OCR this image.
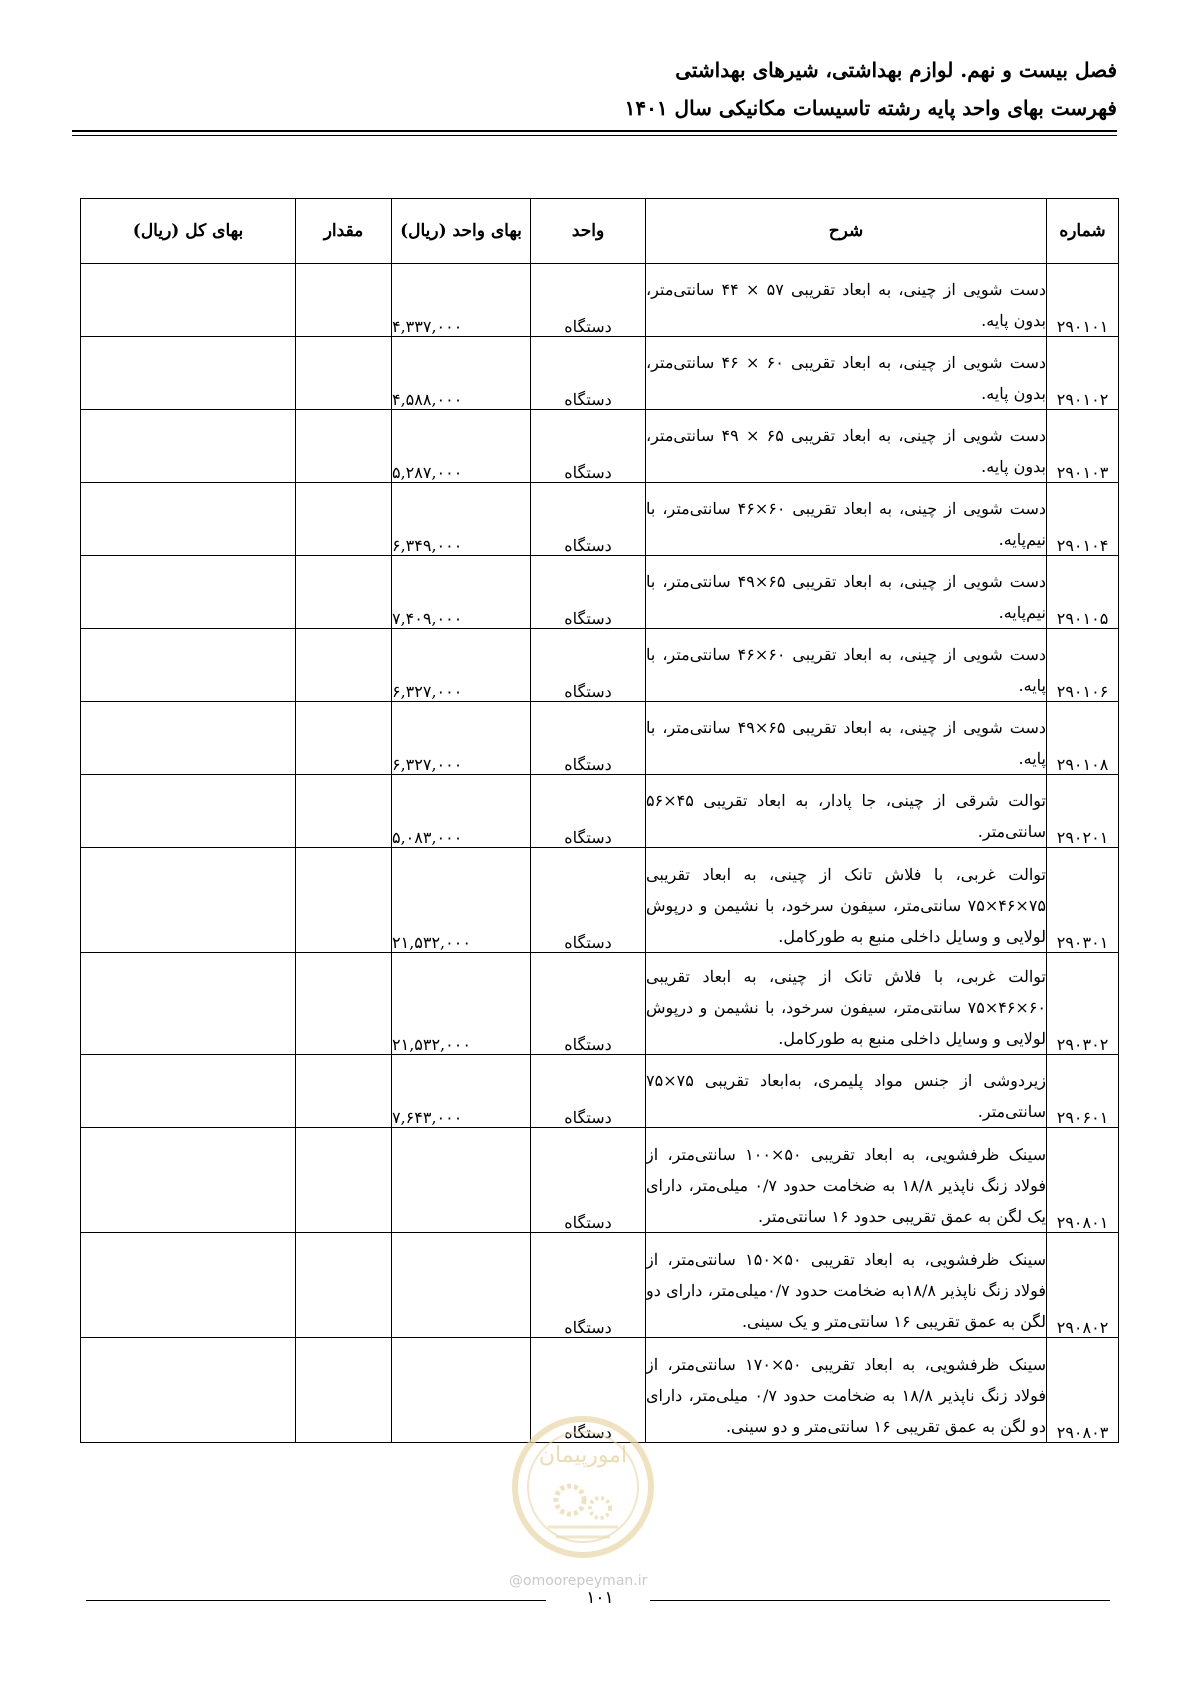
فصل بیست و نهم. لوازم بهداشتی، شیرهای بهداشتی
فهرست بهای واحد پایه رشته تاسیسات مکانیکی سال ۱۴۰۱
شماره	شرح	واحد	بهای واحد (ریال)	مقدار	بهای کل (ریال)
۲۹۰۱۰۱	دست شویی از چینی، به ابعاد تقریبی ۵۷ × ۴۴ سانتی‌متر، بدون پایه.	دستگاه	۴,۳۳۷,۰۰۰		
۲۹۰۱۰۲	دست شویی از چینی، به ابعاد تقریبی ۶۰ × ۴۶ سانتی‌متر، بدون پایه.	دستگاه	۴,۵۸۸,۰۰۰		
۲۹۰۱۰۳	دست شویی از چینی، به ابعاد تقریبی ۶۵ × ۴۹ سانتی‌متر، بدون پایه.	دستگاه	۵,۲۸۷,۰۰۰		
۲۹۰۱۰۴	دست شویی از چینی، به ابعاد تقریبی ۶۰×۴۶ سانتی‌متر، با نیم‌پایه.	دستگاه	۶,۳۴۹,۰۰۰		
۲۹۰۱۰۵	دست شویی از چینی، به ابعاد تقریبی ۶۵×۴۹ سانتی‌متر، با نیم‌پایه.	دستگاه	۷,۴۰۹,۰۰۰		
۲۹۰۱۰۶	دست شویی از چینی، به ابعاد تقریبی ۶۰×۴۶ سانتی‌متر، با پایه.	دستگاه	۶,۳۲۷,۰۰۰		
۲۹۰۱۰۸	دست شویی از چینی، به ابعاد تقریبی ۶۵×۴۹ سانتی‌متر، با پایه.	دستگاه	۶,۳۲۷,۰۰۰		
۲۹۰۲۰۱	توالت شرقی از چینی، جا پادار، به ابعاد تقریبی ۴۵×۵۶ سانتی‌متر.	دستگاه	۵,۰۸۳,۰۰۰		
۲۹۰۳۰۱	توالت غربی، با فلاش تانک از چینی، به ابعاد تقریبی ۷۵×۴۶×۷۵ سانتی‌متر، سیفون سرخود، با نشیمن و درپوش لولایی و وسایل داخلی منبع به طورکامل.	دستگاه	۲۱,۵۳۲,۰۰۰		
۲۹۰۳۰۲	توالت غربی، با فلاش تانک از چینی، به ابعاد تقریبی ۶۰×۴۶×۷۵ سانتی‌متر، سیفون سرخود، با نشیمن و درپوش لولایی و وسایل داخلی منبع به طورکامل.	دستگاه	۲۱,۵۳۲,۰۰۰		
۲۹۰۶۰۱	زیردوشی از جنس مواد پلیمری، به‌ابعاد تقریبی ۷۵×۷۵ سانتی‌متر.	دستگاه	۷,۶۴۳,۰۰۰		
۲۹۰۸۰۱	سینک ظرفشویی، به ابعاد تقریبی ۵۰×۱۰۰ سانتی‌متر، از فولاد زنگ ناپذیر ۱۸/۸ به ضخامت حدود ۰/۷ میلی‌متر، دارای یک لگن به عمق تقریبی حدود ۱۶ سانتی‌متر.	دستگاه			
۲۹۰۸۰۲	سینک ظرفشویی، به ابعاد تقریبی ۵۰×۱۵۰ سانتی‌متر، از فولاد زنگ ناپذیر ۱۸/۸به ضخامت حدود ۰/۷میلی‌متر، دارای دو لگن به عمق تقریبی ۱۶ سانتی‌متر و یک سینی.	دستگاه			
۲۹۰۸۰۳	سینک ظرفشویی، به ابعاد تقریبی ۵۰×۱۷۰ سانتی‌متر، از فولاد زنگ ناپذیر ۱۸/۸ به ضخامت حدود ۰/۷ میلی‌متر، دارای دو لگن به عمق تقریبی ۱۶ سانتی‌متر و دو سینی.	دستگاه			
امورپیمان
@omoorepeyman.ir
۱۰۱
